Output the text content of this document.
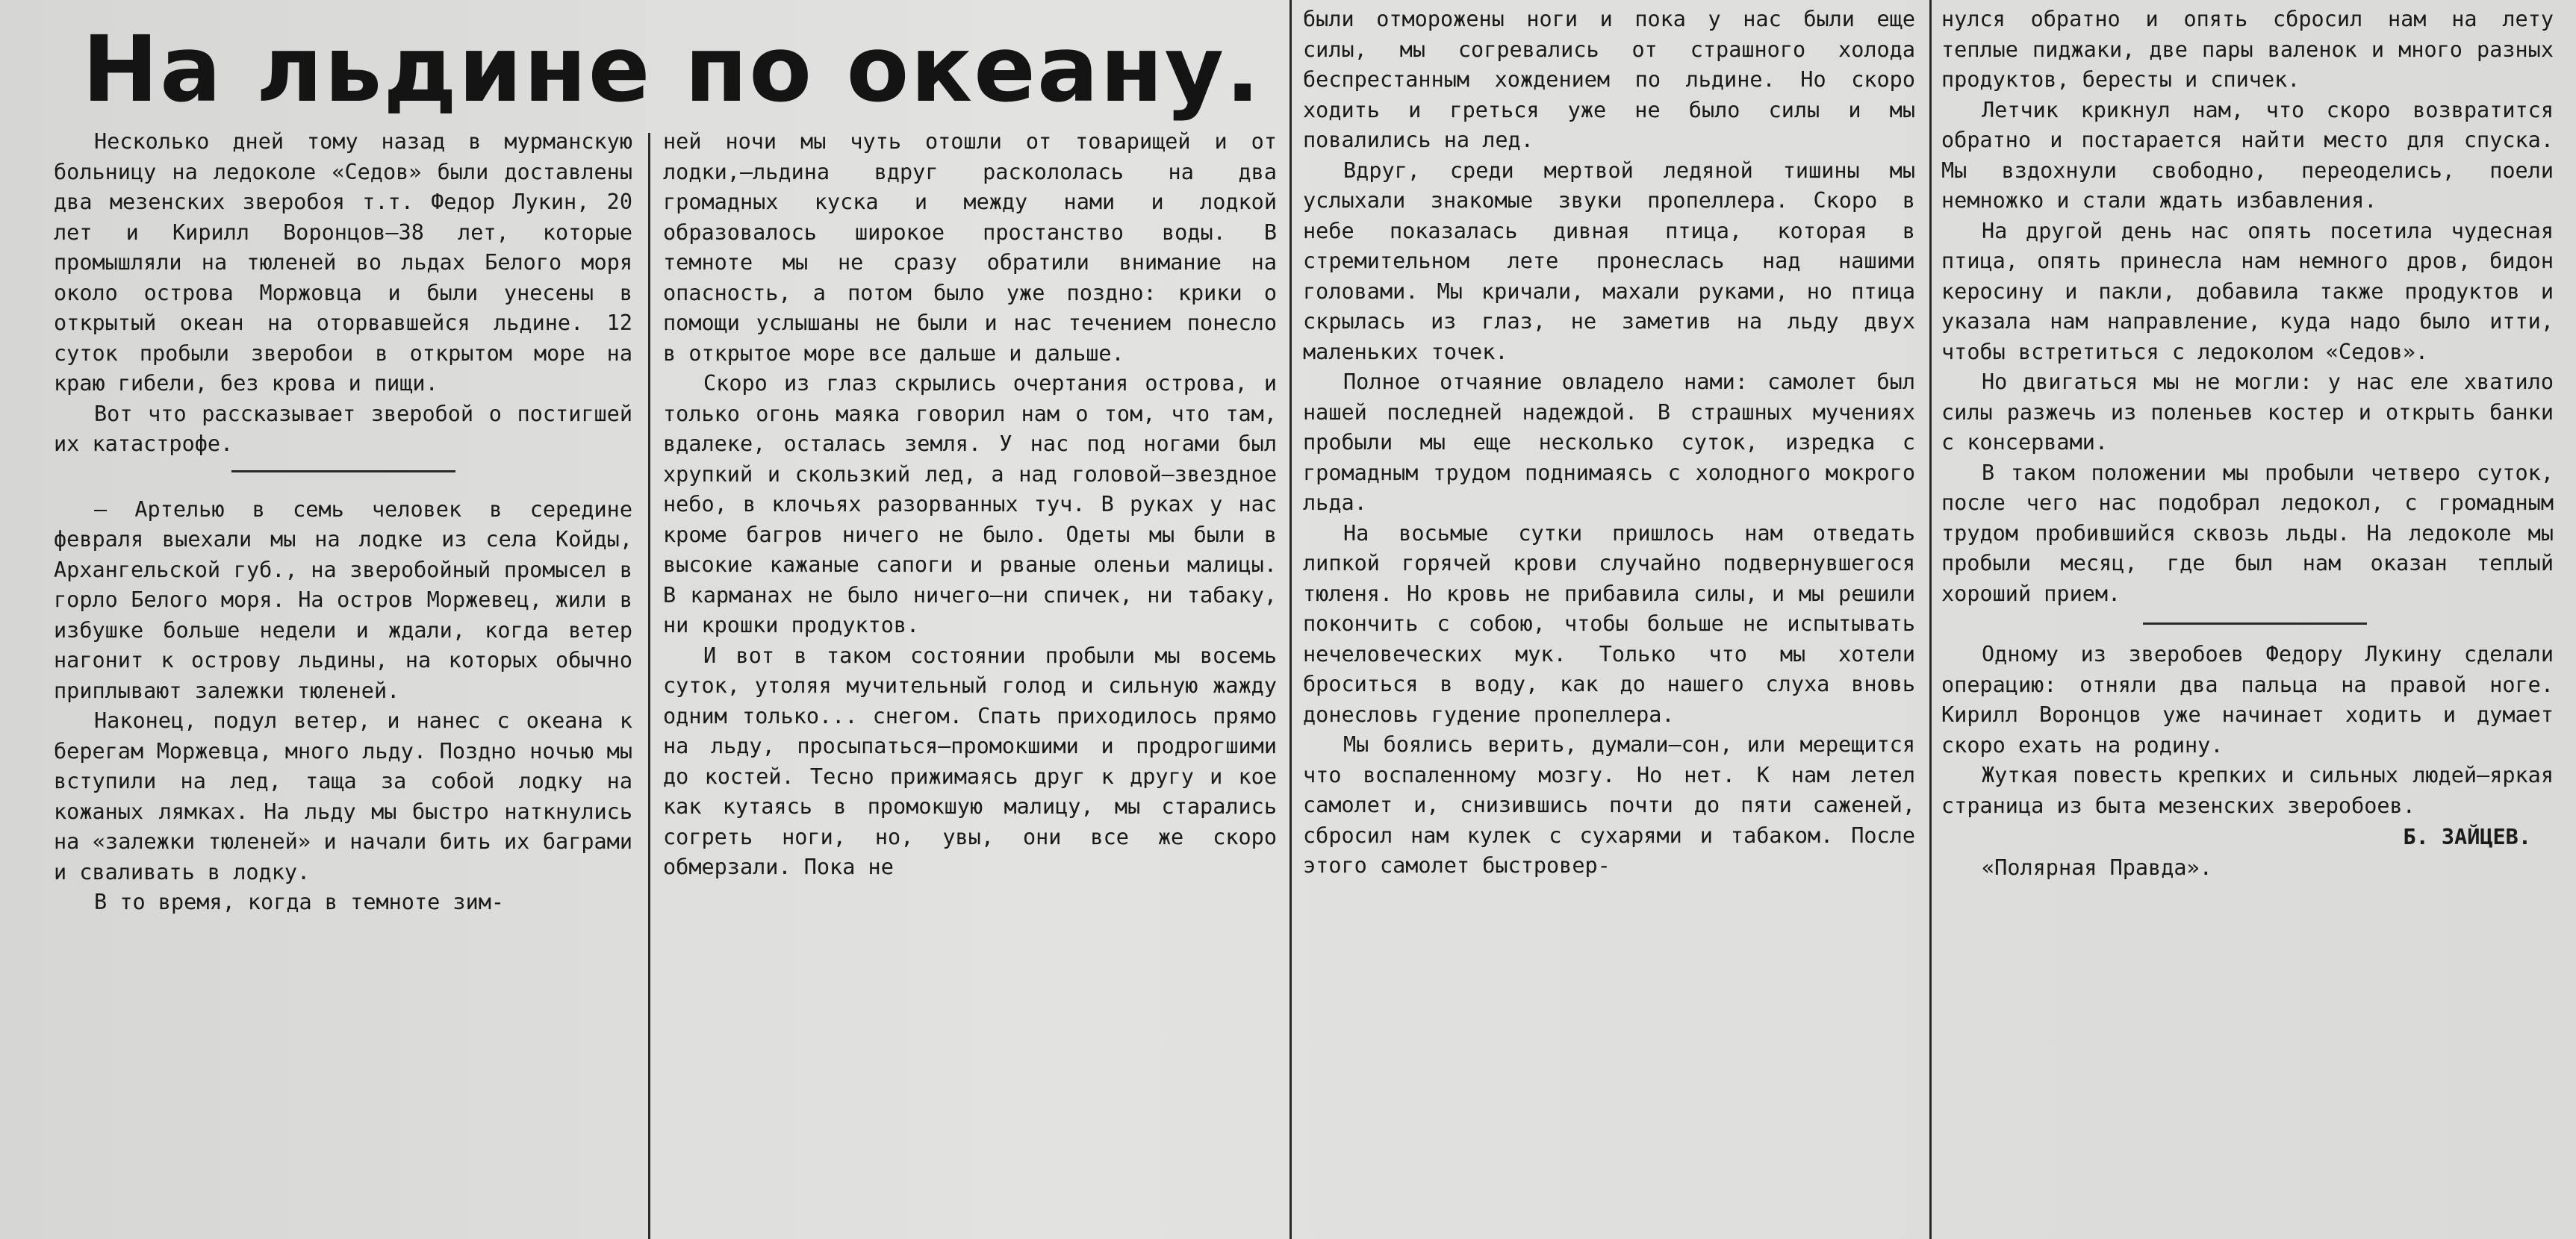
На льдине по океану.

Несколько дней тому назад в мурманскую больницу на ледоколе «Седов» были доставлены два мезенских зверобоя т.т. Федор Лукин, 20 лет и Кирилл Воронцов—38 лет, которые промышляли на тюленей во льдах Белого моря около острова Моржовца и были унесены в открытый океан на оторвавшейся льдине. 12 суток пробыли зверобои в открытом море на краю гибели, без крова и пищи.

Вот что рассказывает зверобой о постигшей их катастрофе.

— Артелью в семь человек в середине февраля выехали мы на лодке из села Койды, Архангельской губ., на зверобойный промысел в горло Белого моря. На остров Моржевец, жили в избушке больше недели и ждали, когда ветер нагонит к острову льдины, на которых обычно приплывают залежки тюленей.

Наконец, подул ветер, и нанес с океана к берегам Моржевца, много льду. Поздно ночью мы вступили на лед, таща за собой лодку на кожаных лямках. На льду мы быстро наткнулись на «залежки тюленей» и начали бить их баграми и сваливать в лодку.

В то время, когда в темноте зим-

ней ночи мы чуть отошли от товарищей и от лодки,—льдина вдруг раскололась на два громадных куска и между нами и лодкой образовалось широкое простанство воды. В темноте мы не сразу обратили внимание на опасность, а потом было уже поздно: крики о помощи услышаны не были и нас течением понесло в открытое море все дальше и дальше.

Скоро из глаз скрылись очертания острова, и только огонь маяка говорил нам о том, что там, вдалеке, осталась земля. У нас под ногами был хрупкий и скользкий лед, а над головой—звездное небо, в клочьях разорванных туч. В руках у нас кроме багров ничего не было. Одеты мы были в высокие кажаные сапоги и рваные оленьи малицы. В карманах не было ничего—ни спичек, ни табаку, ни крошки продуктов.

И вот в таком состоянии пробыли мы восемь суток, утоляя мучительный голод и сильную жажду одним только... снегом. Спать приходилось прямо на льду, просыпаться—промокшими и продрогшими до костей. Тесно прижимаясь друг к другу и кое как кутаясь в промокшую малицу, мы старались согреть ноги, но, увы, они все же скоро обмерзали. Пока не

были отморожены ноги и пока у нас были еще силы, мы согревались от страшного холода беспрестанным хождением по льдине. Но скоро ходить и греться уже не было силы и мы повалились на лед.

Вдруг, среди мертвой ледяной тишины мы услыхали знакомые звуки пропеллера. Скоро в небе показалась дивная птица, которая в стремительном лете пронеслась над нашими головами. Мы кричали, махали руками, но птица скрылась из глаз, не заметив на льду двух маленьких точек.

Полное отчаяние овладело нами: самолет был нашей последней надеждой. В страшных мучениях пробыли мы еще несколько суток, изредка с громадным трудом поднимаясь с холодного мокрого льда.

На восьмые сутки пришлось нам отведать липкой горячей крови случайно подвернувшегося тюленя. Но кровь не прибавила силы, и мы решили покончить с собою, чтобы больше не испытывать нечеловеческих мук. Только что мы хотели броситься в воду, как до нашего слуха вновь донесловь гудение пропеллера.

Мы боялись верить, думали—сон, или мерещится что воспаленному мозгу. Но нет. К нам летел самолет и, снизившись почти до пяти саженей, сбросил нам кулек с сухарями и табаком. После этого самолет быстровер-

нулся обратно и опять сбросил нам на лету теплые пиджаки, две пары валенок и много разных продуктов, бересты и спичек.

Летчик крикнул нам, что скоро возвратится обратно и постарается найти место для спуска. Мы вздохнули свободно, переоделись, поели немножко и стали ждать избавления.

На другой день нас опять посетила чудесная птица, опять принесла нам немного дров, бидон керосину и пакли, добавила также продуктов и указала нам направление, куда надо было итти, чтобы встретиться с ледоколом «Седов».

Но двигаться мы не могли: у нас еле хватило силы разжечь из поленьев костер и открыть банки с консервами.

В таком положении мы пробыли четверо суток, после чего нас подобрал ледокол, с громадным трудом пробившийся сквозь льды. На ледоколе мы пробыли месяц, где был нам оказан теплый хороший прием.

Одному из зверобоев Федору Лукину сделали операцию: отняли два пальца на правой ноге. Кирилл Воронцов уже начинает ходить и думает скоро ехать на родину.

Жуткая повесть крепких и сильных людей—яркая страница из быта мезенских зверобоев.

Б. ЗАЙЦЕВ.

«Полярная Правда».
